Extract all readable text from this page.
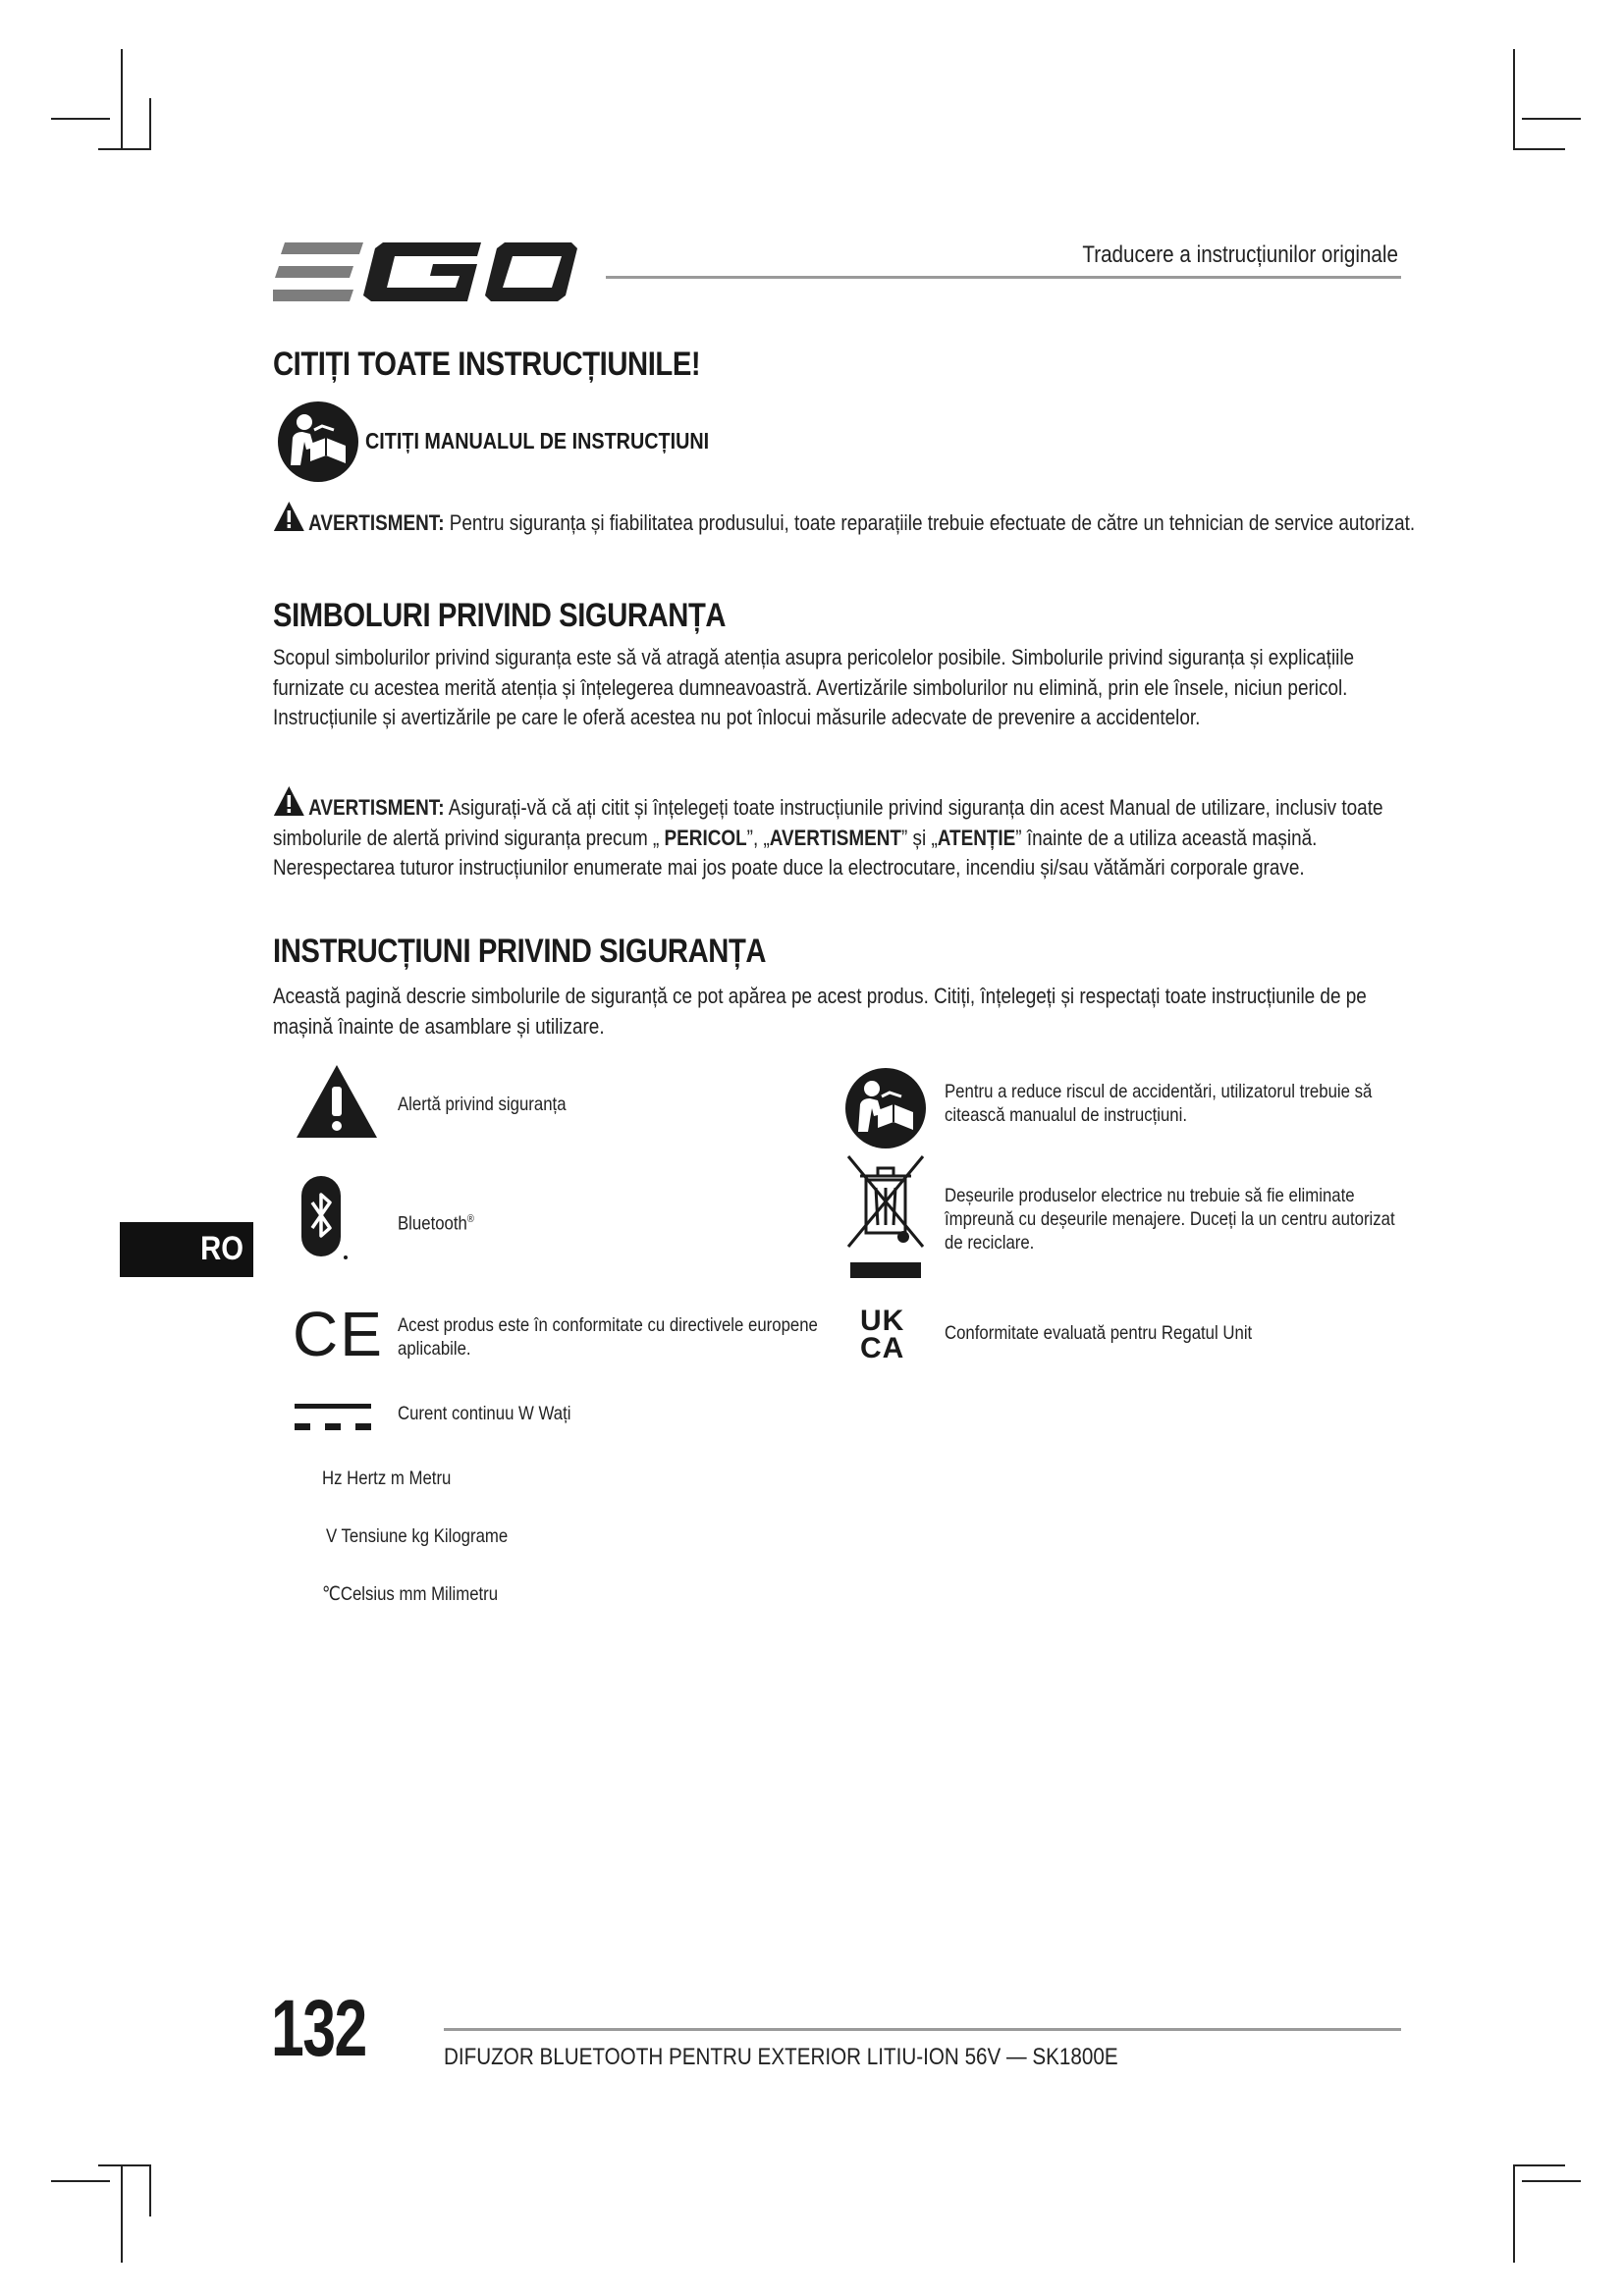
Traducere a instrucțiunilor originale
CITIȚI TOATE INSTRUCȚIUNILE!
CITIȚI MANUALUL DE INSTRUCȚIUNI
AVERTISMENT: Pentru siguranța și fiabilitatea produsului, toate reparațiile trebuie efectuate de către un tehnician de service autorizat.
SIMBOLURI PRIVIND SIGURANȚA
Scopul simbolurilor privind siguranța este să vă atragă atenția asupra pericolelor posibile. Simbolurile privind siguranța și explicațiile furnizate cu acestea merită atenția și înțelegerea dumneavoastră. Avertizările simbolurilor nu elimină, prin ele însele, niciun pericol. Instrucțiunile și avertizările pe care le oferă acestea nu pot înlocui măsurile adecvate de prevenire a accidentelor.
AVERTISMENT: Asigurați-vă că ați citit și înțelegeți toate instrucțiunile privind siguranța din acest Manual de utilizare, inclusiv toate simbolurile de alertă privind siguranța precum „ PERICOL”, „AVERTISMENT” și „ATENȚIE” înainte de a utiliza această mașină. Nerespectarea tuturor instrucțiunilor enumerate mai jos poate duce la electrocutare, incendiu și/sau vătămări corporale grave.
INSTRUCȚIUNI PRIVIND SIGURANȚA
Această pagină descrie simbolurile de siguranță ce pot apărea pe acest produs. Citiți, înțelegeți și respectați toate instrucțiunile de pe mașină înainte de asamblare și utilizare.
Alertă privind siguranța
Bluetooth®
CE Acest produs este în conformitate cu directivele europene aplicabile.
Curent continuu W Wați
Hz Hertz m Metru
V Tensiune kg Kilograme
℃Celsius mm Milimetru
Pentru a reduce riscul de accidentări, utilizatorul trebuie să citească manualul de instrucțiuni.
Deșeurile produselor electrice nu trebuie să fie eliminate împreună cu deșeurile menajere. Duceți la un centru autorizat de reciclare.
UK
CA	Conformitate evaluată pentru Regatul Unit
RO
132	DIFUZOR BLUETOOTH PENTRU EXTERIOR LITIU-ION 56V — SK1800E
